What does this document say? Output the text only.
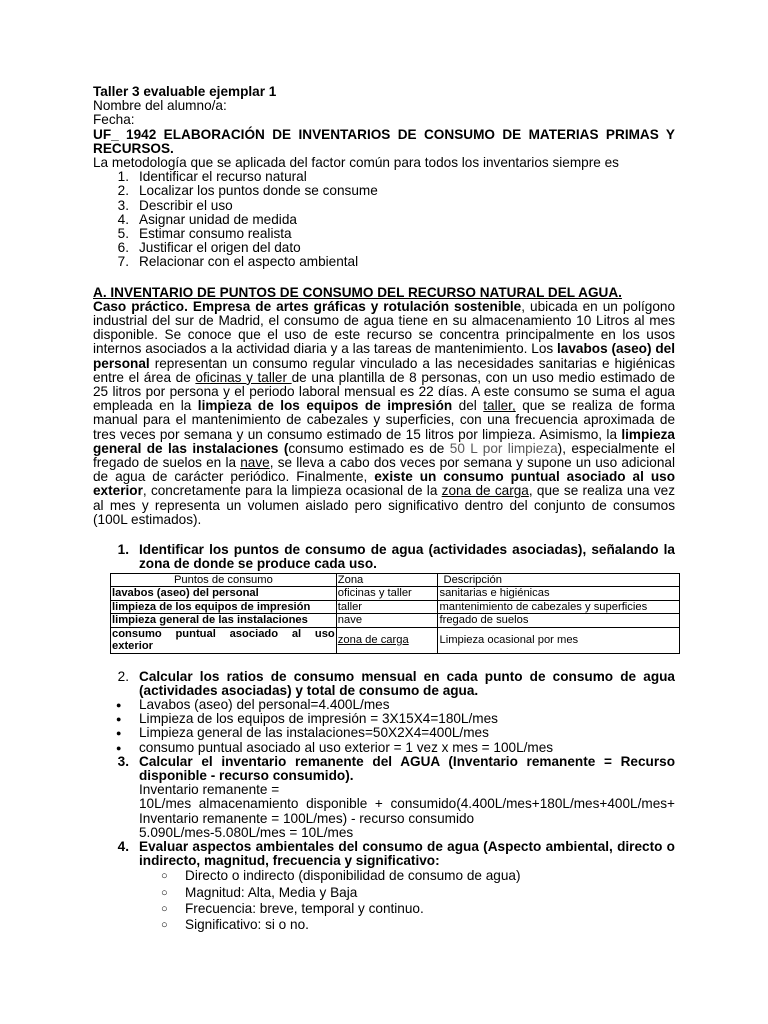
Taller 3 evaluable ejemplar 1

Nombre del alumno/a:

Fecha:

UF_ 1942 ELABORACIÓN DE INVENTARIOS DE CONSUMO DE MATERIAS PRIMAS Y RECURSOS.

La metodología que se aplicada del factor común para todos los inventarios siempre es

1. Identificar el recurso natural
2. Localizar los puntos donde se consume
3. Describir el uso
4. Asignar unidad de medida
5. Estimar consumo realista
6. Justificar el origen del dato
7. Relacionar con el aspecto ambiental

A. INVENTARIO DE PUNTOS DE CONSUMO DEL RECURSO NATURAL DEL AGUA.

Caso práctico. Empresa de artes gráficas y rotulación sostenible, ubicada en un polígono industrial del sur de Madrid, el consumo de agua tiene en su almacenamiento 10 Litros al mes disponible. Se conoce que el uso de este recurso se concentra principalmente en los usos internos asociados a la actividad diaria y a las tareas de mantenimiento. Los lavabos (aseo) del personal representan un consumo regular vinculado a las necesidades sanitarias e higiénicas entre el área de oficinas y taller de una plantilla de 8 personas, con un uso medio estimado de 25 litros por persona y el periodo laboral mensual es 22 días. A este consumo se suma el agua empleada en la limpieza de los equipos de impresión del taller, que se realiza de forma manual para el mantenimiento de cabezales y superficies, con una frecuencia aproximada de tres veces por semana y un consumo estimado de 15 litros por limpieza. Asimismo, la limpieza general de las instalaciones (consumo estimado es de 50 L por limpieza), especialmente el fregado de suelos en la nave, se lleva a cabo dos veces por semana y supone un uso adicional de agua de carácter periódico. Finalmente, existe un consumo puntual asociado al uso exterior, concretamente para la limpieza ocasional de la zona de carga, que se realiza una vez al mes y representa un volumen aislado pero significativo dentro del conjunto de consumos (100L estimados).

1. Identificar los puntos de consumo de agua (actividades asociadas), señalando la zona de donde se produce cada uso.
Puntos de consumo	Zona	Descripción
lavabos (aseo) del personal	oficinas y taller	sanitarias e higiénicas
limpieza de los equipos de impresión	taller	mantenimiento de cabezales y superficies
limpieza general de las instalaciones	nave	fregado de suelos
consumo puntual asociado al uso exterior	zona de carga	Limpieza ocasional por mes
2. Calcular los ratios de consumo mensual en cada punto de consumo de agua (actividades asociadas) y total de consumo de agua.
●	Lavabos (aseo) del personal=4.400L/mes
●	Limpieza de los equipos de impresión = 3X15X4=180L/mes
●	Limpieza general de las instalaciones=50X2X4=400L/mes
●	consumo puntual asociado al uso exterior = 1 vez x mes = 100L/mes
3. Calcular el inventario remanente del AGUA (Inventario remanente = Recurso disponible - recurso consumido).

Inventario remanente =

10L/mes almacenamiento disponible + consumido(4.400L/mes+180L/mes+400L/mes+

Inventario remanente = 100L/mes) - recurso consumido

5.090L/mes-5.080L/mes = 10L/mes

4. Evaluar aspectos ambientales del consumo de agua (Aspecto ambiental, directo o indirecto, magnitud, frecuencia y significativo:
○	Directo o indirecto (disponibilidad de consumo de agua)
○	Magnitud: Alta, Media y Baja
○	Frecuencia: breve, temporal y continuo.
○	Significativo: si o no.
